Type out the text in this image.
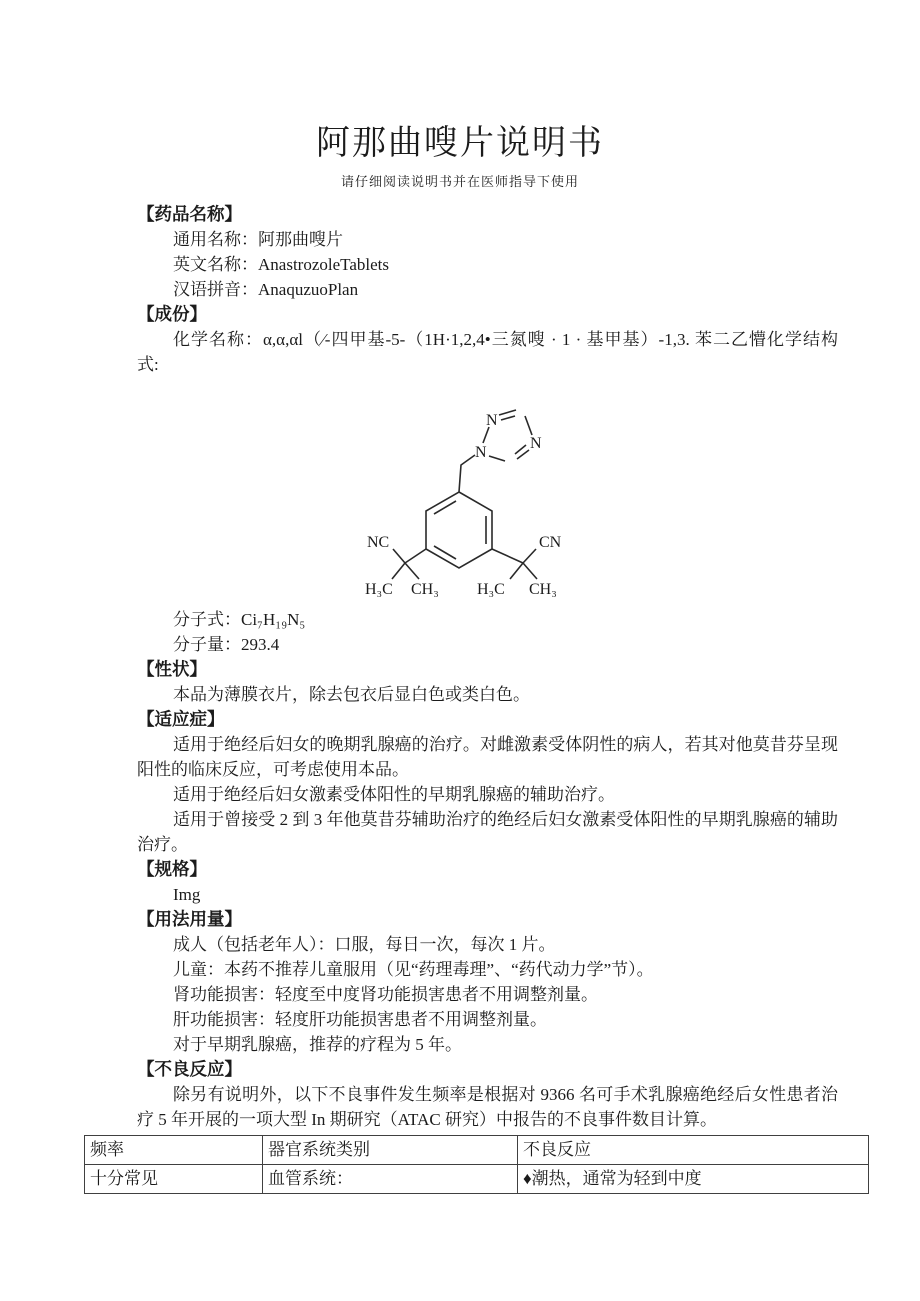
阿那曲嗖片说明书
请仔细阅读说明书并在医师指导下使用
【药品名称】
通用名称：阿那曲嗖片
英文名称：AnastrozoleTablets
汉语拼音：AnaquzuoPlan
【成份】
化学名称：α,α,αl（⁄-四甲基-5-（1H·1,2,4•三氮嗖 · 1 · 基甲基）-1,3. 苯二乙懵化学结构
式:
N
N
N
NC	CN
H₃C CH₃ H₃C CH₃
分子式：Ci₇H₁₉N₅
分子量：293.4
【性状】
本品为薄膜衣片，除去包衣后显白色或类白色。
【适应症】
适用于绝经后妇女的晚期乳腺癌的治疗。对雌激素受体阴性的病人，若其对他莫昔芬呈现
阳性的临床反应，可考虑使用本品。
适用于绝经后妇女激素受体阳性的早期乳腺癌的辅助治疗。
适用于曾接受 2 到 3 年他莫昔芬辅助治疗的绝经后妇女激素受体阳性的早期乳腺癌的辅助
治疗。
【规格】
Img
【用法用量】
成人（包括老年人）：口服，每日一次，每次 1 片。
儿童：本药不推荐儿童服用（见“药理毒理”、“药代动力学”节）。
肾功能损害：轻度至中度肾功能损害患者不用调整剂量。
肝功能损害：轻度肝功能损害患者不用调整剂量。
对于早期乳腺癌，推荐的疗程为 5 年。
【不良反应】
除另有说明外，以下不良事件发生频率是根据对 9366 名可手术乳腺癌绝经后女性患者治
疗 5 年开展的一项大型 In 期研究（ATAC 研究）中报告的不良事件数目计算。
频率	器官系统类别	不良反应
十分常见	血管系统：	♦潮热，通常为轻到中度
